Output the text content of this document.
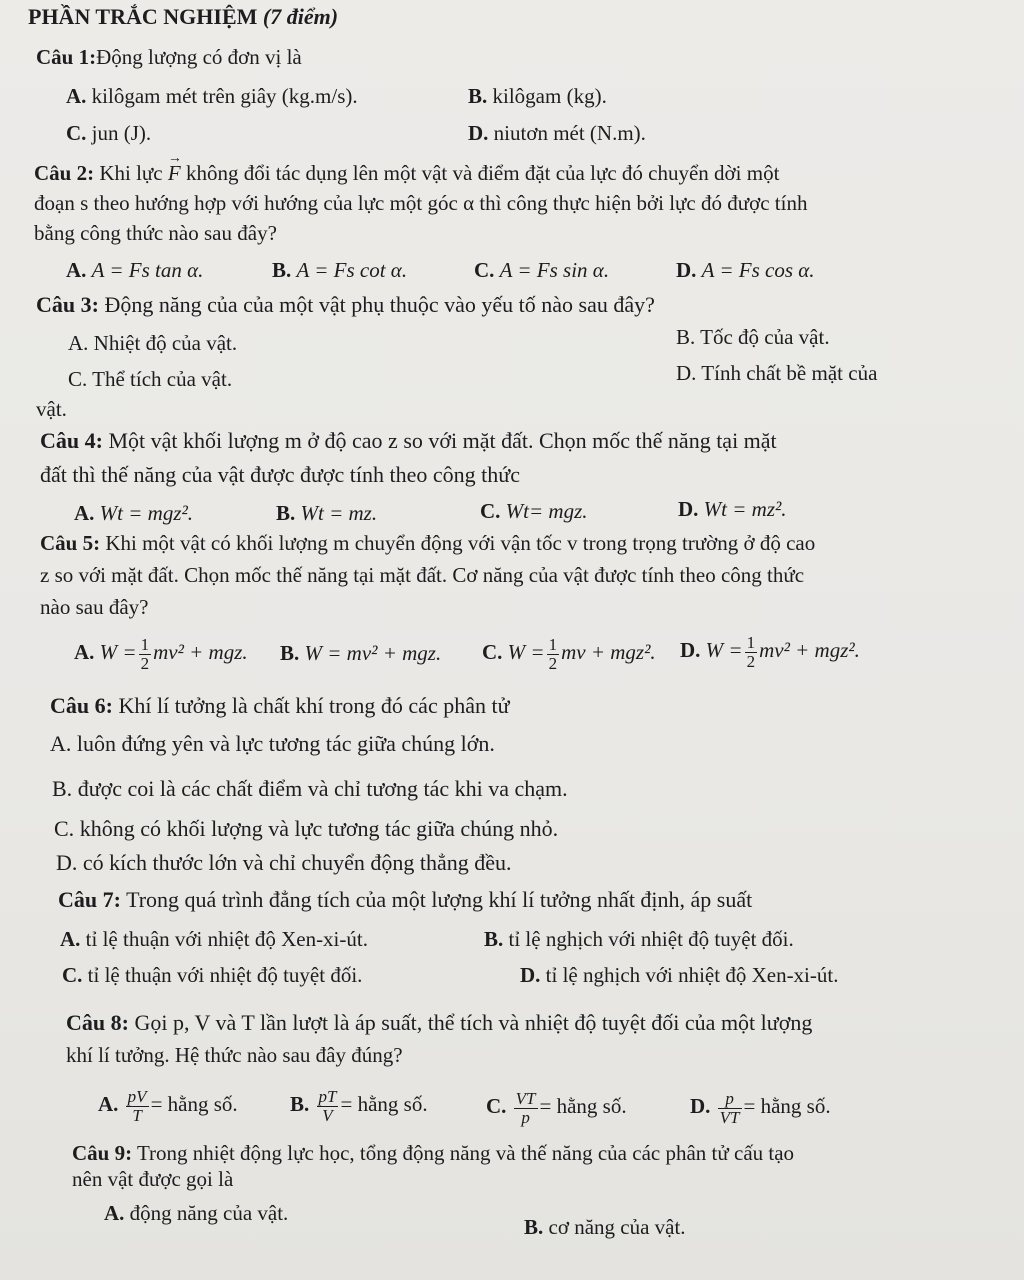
PHẦN TRẮC NGHIỆM (7 điểm)
Câu 1:Động lượng có đơn vị là
A. kilôgam mét trên giây (kg.m/s).	B. kilôgam (kg).
C. jun (J).	D. niutơn mét (N.m).
Câu 2: Khi lực → F không đổi tác dụng lên một vật và điểm đặt của lực đó chuyển dời một
đoạn s theo hướng hợp với hướng của lực một góc α thì công thực hiện bởi lực đó được tính
bằng công thức nào sau đây?
A. A = Fs tan α.	B. A = Fs cot α.	C. A = Fs sin α.	D. A = Fs cos α.
Câu 3: Động năng của của một vật phụ thuộc vào yếu tố nào sau đây?
A. Nhiệt độ của vật.	B. Tốc độ của vật.
C. Thể tích của vật.	D. Tính chất bề mặt của
vật.
Câu 4: Một vật khối lượng m ở độ cao z so với mặt đất. Chọn mốc thế năng tại mặt
đất thì thế năng của vật được được tính theo công thức
A. Wt = mgz².	B. Wt = mz.	C. Wt= mgz.	D. Wt = mz².
Câu 5: Khi một vật có khối lượng m chuyển động với vận tốc v trong trọng trường ở độ cao
z so với mặt đất. Chọn mốc thế năng tại mặt đất. Cơ năng của vật được tính theo công thức
nào sau đây?
A. $W = \frac{1}{2} mv^2$ + mgz. B. W = mv² + mgz. C. $W = \frac{1}{2}$ mv + mgz². D. $W = \frac{1}{2} mv^2 + mgz^2$.
Câu 6: Khí lí tưởng là chất khí trong đó các phân tử
A. luôn đứng yên và lực tương tác giữa chúng lớn.
B. được coi là các chất điểm và chỉ tương tác khi va chạm.
C. không có khối lượng và lực tương tác giữa chúng nhỏ.
D. có kích thước lớn và chỉ chuyển động thẳng đều.
Câu 7: Trong quá trình đẳng tích của một lượng khí lí tưởng nhất định, áp suất
A. tỉ lệ thuận với nhiệt độ Xen-xi-út.	B. tỉ lệ nghịch với nhiệt độ tuyệt đối.
C. tỉ lệ thuận với nhiệt độ tuyệt đối.	D. tỉ lệ nghịch với nhiệt độ Xen-xi-út.
Câu 8: Gọi p, V và T lần lượt là áp suất, thể tích và nhiệt độ tuyệt đối của một lượng
khí lí tưởng. Hệ thức nào sau đây đúng?
A. $\frac{pV}{T}$ = hằng số. B. $\frac{pT}{V}$ = hằng số.	C. $\frac{VT}{p}$ = hằng số.	D. $\frac{p}{VT}$ = hằng số.
Câu 9: Trong nhiệt động lực học, tổng động năng và thế năng của các phân tử cấu tạo
nên vật được gọi là
A. động năng của vật.
B. cơ năng của vật.
